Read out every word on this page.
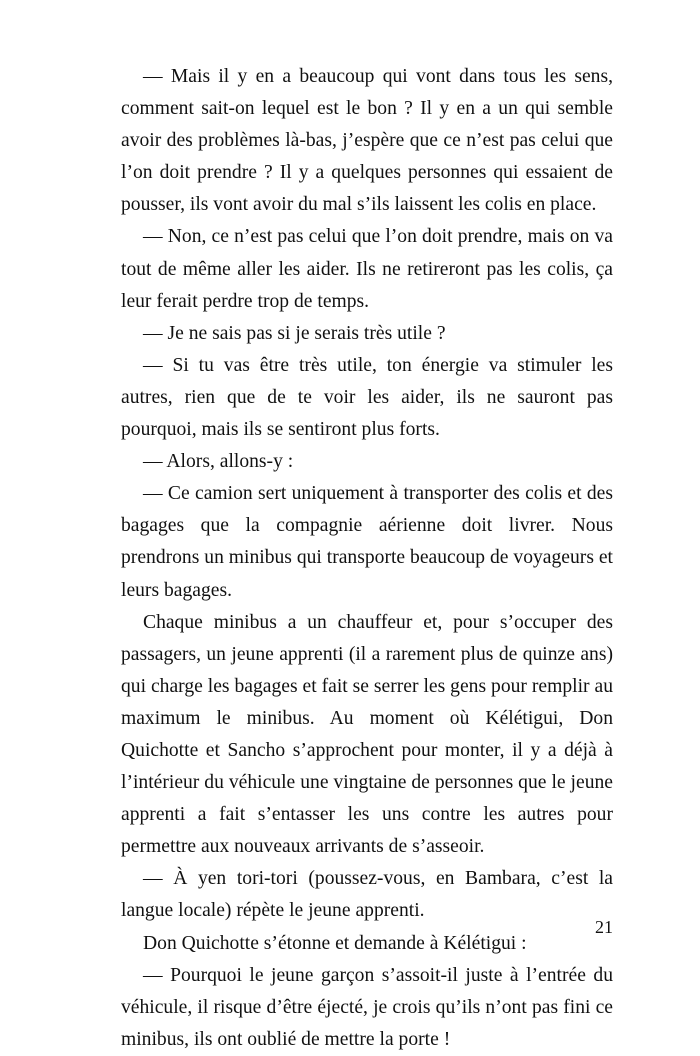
— Mais il y en a beaucoup qui vont dans tous les sens, comment sait-on lequel est le bon ? Il y en a un qui semble avoir des problèmes là-bas, j’espère que ce n’est pas celui que l’on doit prendre ? Il y a quelques personnes qui essaient de pousser, ils vont avoir du mal s’ils laissent les colis en place.

— Non, ce n’est pas celui que l’on doit prendre, mais on va tout de même aller les aider. Ils ne retireront pas les colis, ça leur ferait perdre trop de temps.

— Je ne sais pas si je serais très utile ?

— Si tu vas être très utile, ton énergie va stimuler les autres, rien que de te voir les aider, ils ne sauront pas pourquoi, mais ils se sentiront plus forts.

— Alors, allons-y :

— Ce camion sert uniquement à transporter des colis et des bagages que la compagnie aérienne doit livrer. Nous prendrons un minibus qui transporte beaucoup de voyageurs et leurs bagages.

Chaque minibus a un chauffeur et, pour s’occuper des passagers, un jeune apprenti (il a rarement plus de quinze ans) qui charge les bagages et fait se serrer les gens pour remplir au maximum le minibus. Au moment où Kélétigui, Don Quichotte et Sancho s’approchent pour monter, il y a déjà à l’intérieur du véhicule une vingtaine de personnes que le jeune apprenti a fait s’entasser les uns contre les autres pour permettre aux nouveaux arrivants de s’asseoir.

— À yen tori-tori (poussez-vous, en Bambara, c’est la langue locale) répète le jeune apprenti.

Don Quichotte s’étonne et demande à Kélétigui :

— Pourquoi le jeune garçon s’assoit-il juste à l’entrée du véhicule, il risque d’être éjecté, je crois qu’ils n’ont pas fini ce minibus, ils ont oublié de mettre la porte !

21
